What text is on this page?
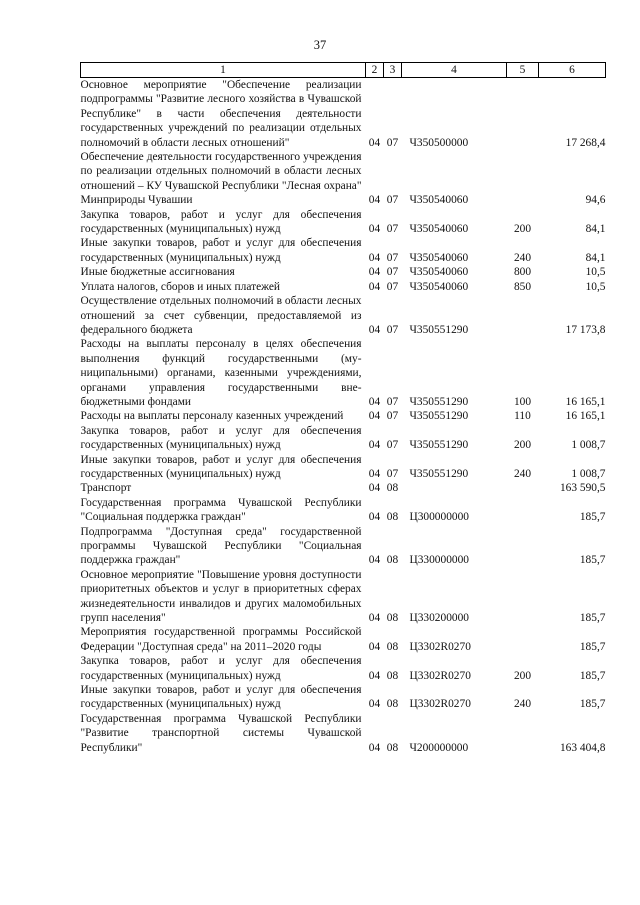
37
1	2	3	4	5	6
Основное мероприятие "Обеспечение реализации подпрограммы "Развитие лесного хозяйства в Чувашской Республике" в части обеспечения деятельности государственных учреждений по реализации отдельных полномочий в области лесных отношений"	04	07	Ч350500000		17 268,4
Обеспечение деятельности государственного учреждения по реализации отдельных полномочий в области лесных отношений – КУ Чувашской Республики "Лесная охрана" Минприроды Чувашии	04	07	Ч350540060		94,6
Закупка товаров, работ и услуг для обеспечения государственных (муниципальных) нужд	04	07	Ч350540060	200	84,1
Иные закупки товаров, работ и услуг для обеспечения государственных (муниципальных) нужд	04	07	Ч350540060	240	84,1
Иные бюджетные ассигнования	04	07	Ч350540060	800	10,5
Уплата налогов, сборов и иных платежей	04	07	Ч350540060	850	10,5
Осуществление отдельных полномочий в области лесных отношений за счет субвенции, предоставляемой из федерального бюджета	04	07	Ч350551290		17 173,8
Расходы на выплаты персоналу в целях обеспечения выполнения функций государственными (муниципальными) органами, казенными учреждениями, органами управления государственными внебюджетными фондами	04	07	Ч350551290	100	16 165,1
Расходы на выплаты персоналу казенных учреждений	04	07	Ч350551290	110	16 165,1
Закупка товаров, работ и услуг для обеспечения государственных (муниципальных) нужд	04	07	Ч350551290	200	1 008,7
Иные закупки товаров, работ и услуг для обеспечения государственных (муниципальных) нужд	04	07	Ч350551290	240	1 008,7
Транспорт	04	08			163 590,5
Государственная программа Чувашской Республики "Социальная поддержка граждан"	04	08	Ц300000000		185,7
Подпрограмма "Доступная среда" государственной программы Чувашской Республики "Социальная поддержка граждан"	04	08	Ц330000000		185,7
Основное мероприятие "Повышение уровня доступности приоритетных объектов и услуг в приоритетных сферах жизнедеятельности инвалидов и других маломобильных групп населения"	04	08	Ц330200000		185,7
Мероприятия государственной программы Российской Федерации "Доступная среда" на 2011–2020 годы	04	08	Ц3302R0270		185,7
Закупка товаров, работ и услуг для обеспечения государственных (муниципальных) нужд	04	08	Ц3302R0270	200	185,7
Иные закупки товаров, работ и услуг для обеспечения государственных (муниципальных) нужд	04	08	Ц3302R0270	240	185,7
Государственная программа Чувашской Республики "Развитие транспортной системы Чувашской Республики"	04	08	Ч200000000		163 404,8
